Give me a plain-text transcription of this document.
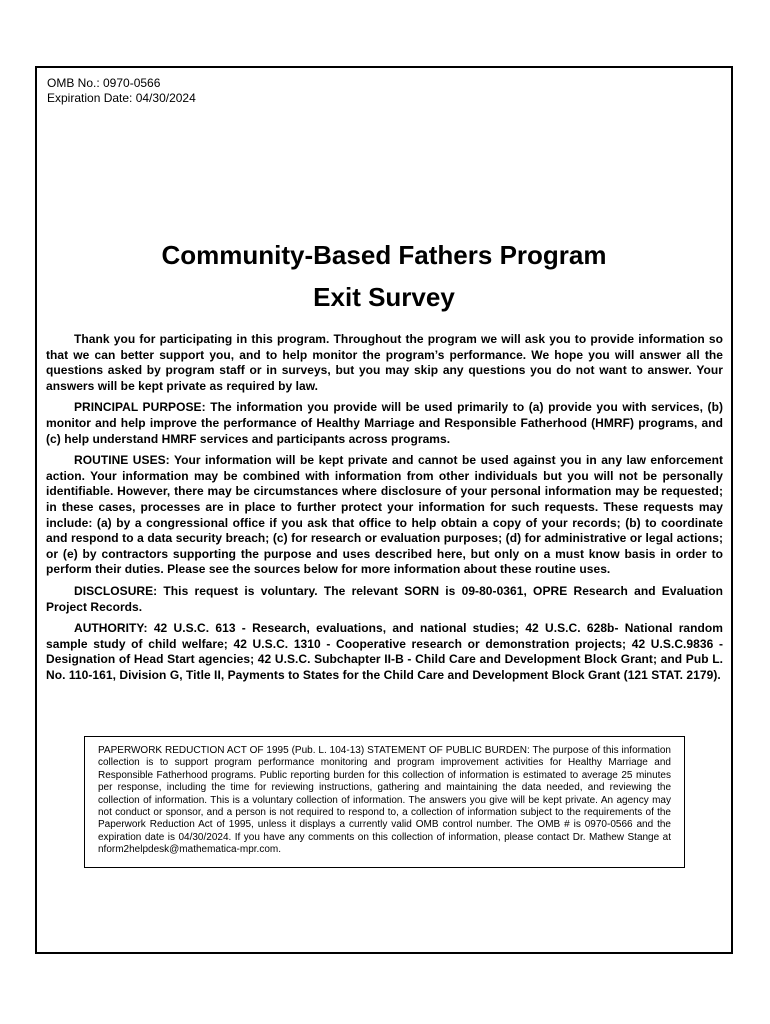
OMB No.: 0970-0566
Expiration Date: 04/30/2024
Community-Based Fathers Program
Exit Survey

Thank you for participating in this program. Throughout the program we will ask you to provide information so that we can better support you, and to help monitor the program’s performance. We hope you will answer all the questions asked by program staff or in surveys, but you may skip any questions you do not want to answer. Your answers will be kept private as required by law.

PRINCIPAL PURPOSE: The information you provide will be used primarily to (a) provide you with services, (b) monitor and help improve the performance of Healthy Marriage and Responsible Fatherhood (HMRF) programs, and (c) help understand HMRF services and participants across programs.

ROUTINE USES: Your information will be kept private and cannot be used against you in any law enforcement action. Your information may be combined with information from other individuals but you will not be personally identifiable. However, there may be circumstances where disclosure of your personal information may be requested; in these cases, processes are in place to further protect your information for such requests. These requests may include: (a) by a congressional office if you ask that office to help obtain a copy of your records; (b) to coordinate and respond to a data security breach; (c) for research or evaluation purposes; (d) for administrative or legal actions; or (e) by contractors supporting the purpose and uses described here, but only on a must know basis in order to perform their duties. Please see the sources below for more information about these routine uses.

DISCLOSURE: This request is voluntary. The relevant SORN is 09-80-0361, OPRE Research and Evaluation Project Records.

AUTHORITY: 42 U.S.C. 613 - Research, evaluations, and national studies; 42 U.S.C. 628b- National random sample study of child welfare; 42 U.S.C. 1310 - Cooperative research or demonstration projects; 42 U.S.C.9836 - Designation of Head Start agencies; 42 U.S.C. Subchapter II-B - Child Care and Development Block Grant; and Pub L. No. 110-161, Division G, Title II, Payments to States for the Child Care and Development Block Grant (121 STAT. 2179).

PAPERWORK REDUCTION ACT OF 1995 (Pub. L. 104-13) STATEMENT OF PUBLIC BURDEN: The purpose of this information collection is to support program performance monitoring and program improvement activities for Healthy Marriage and Responsible Fatherhood programs. Public reporting burden for this collection of information is estimated to average 25 minutes per response, including the time for reviewing instructions, gathering and maintaining the data needed, and reviewing the collection of information. This is a voluntary collection of information. The answers you give will be kept private. An agency may not conduct or sponsor, and a person is not required to respond to, a collection of information subject to the requirements of the Paperwork Reduction Act of 1995, unless it displays a currently valid OMB control number. The OMB # is 0970-0566 and the expiration date is 04/30/2024. If you have any comments on this collection of information, please contact Dr. Mathew Stange at nform2helpdesk@mathematica-mpr.com.
